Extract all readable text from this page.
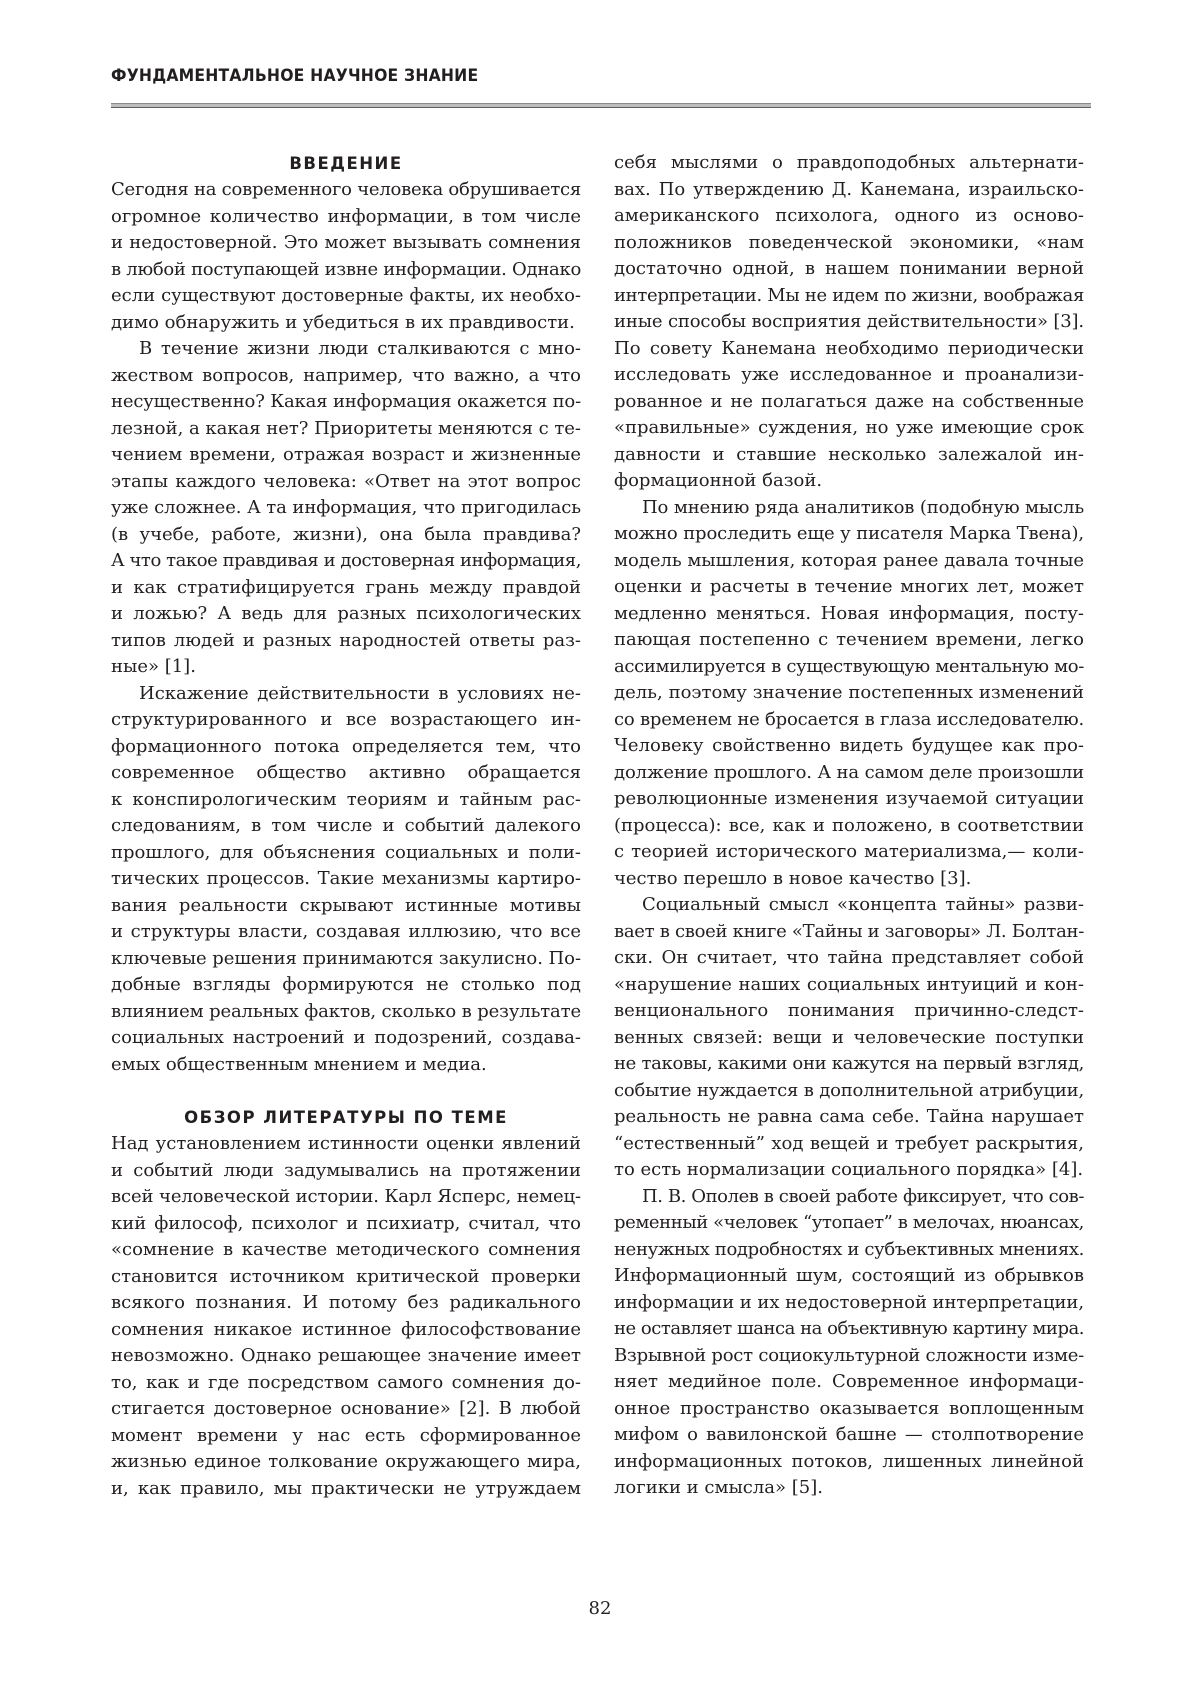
ФУНДАМЕНТАЛЬНОЕ НАУЧНОЕ ЗНАНИЕ
ВВЕДЕНИЕ
Сегодня на современного человека обрушивается
огромное количество информации, в том числе
и недостоверной. Это может вызывать сомнения
в любой поступающей извне информации. Однако
если существуют достоверные факты, их необхо-
димо обнаружить и убедиться в их правдивости.
В течение жизни люди сталкиваются с мно-
жеством вопросов, например, что важно, а что
несущественно? Какая информация окажется по-
лезной, а какая нет? Приоритеты меняются с те-
чением времени, отражая возраст и жизненные
этапы каждого человека: «Ответ на этот вопрос
уже сложнее. А та информация, что пригодилась
(в учебе, работе, жизни), она была правдива?
А что такое правдивая и достоверная информация,
и как стратифицируется грань между правдой
и ложью? А ведь для разных психологических
типов людей и разных народностей ответы раз-
ные» [1].
Искажение действительности в условиях не-
структурированного и все возрастающего ин-
формационного потока определяется тем, что
современное общество активно обращается
к конспирологическим теориям и тайным рас-
следованиям, в том числе и событий далекого
прошлого, для объяснения социальных и поли-
тических процессов. Такие механизмы картиро-
вания реальности скрывают истинные мотивы
и структуры власти, создавая иллюзию, что все
ключевые решения принимаются закулисно. По-
добные взгляды формируются не столько под
влиянием реальных фактов, сколько в результате
социальных настроений и подозрений, создава-
емых общественным мнением и медиа.
ОБЗОР ЛИТЕРАТУРЫ ПО ТЕМЕ
Над установлением истинности оценки явлений
и событий люди задумывались на протяжении
всей человеческой истории. Карл Ясперс, немец-
кий философ, психолог и психиатр, считал, что
«сомнение в качестве методического сомнения
становится источником критической проверки
всякого познания. И потому без радикального
сомнения никакое истинное философствование
невозможно. Однако решающее значение имеет
то, как и где посредством самого сомнения до-
стигается достоверное основание» [2]. В любой
момент времени у нас есть сформированное
жизнью единое толкование окружающего мира,
и, как правило, мы практически не утруждаем
себя мыслями о правдоподобных альтернати-
вах. По утверждению Д. Канемана, израильско-
американского психолога, одного из осново-
положников поведенческой экономики, «нам
достаточно одной, в нашем понимании верной
интерпретации. Мы не идем по жизни, воображая
иные способы восприятия действительности» [3].
По совету Канемана необходимо периодически
исследовать уже исследованное и проанализи-
рованное и не полагаться даже на собственные
«правильные» суждения, но уже имеющие срок
давности и ставшие несколько залежалой ин-
формационной базой.
По мнению ряда аналитиков (подобную мысль
можно проследить еще у писателя Марка Твена),
модель мышления, которая ранее давала точные
оценки и расчеты в течение многих лет, может
медленно меняться. Новая информация, посту-
пающая постепенно с течением времени, легко
ассимилируется в существующую ментальную мо-
дель, поэтому значение постепенных изменений
со временем не бросается в глаза исследователю.
Человеку свойственно видеть будущее как про-
должение прошлого. А на самом деле произошли
революционные изменения изучаемой ситуации
(процесса): все, как и положено, в соответствии
с теорией исторического материализма,— коли-
чество перешло в новое качество [3].
Социальный смысл «концепта тайны» разви-
вает в своей книге «Тайны и заговоры» Л. Болтан-
ски. Он считает, что тайна представляет собой
«нарушение наших социальных интуиций и кон-
венционального понимания причинно-следст-
венных связей: вещи и человеческие поступки
не таковы, какими они кажутся на первый взгляд,
событие нуждается в дополнительной атрибуции,
реальность не равна сама себе. Тайна нарушает
“естественный” ход вещей и требует раскрытия,
то есть нормализации социального порядка» [4].
П. В. Ополев в своей работе фиксирует, что сов-
ременный «человек “утопает” в мелочах, нюансах,
ненужных подробностях и субъективных мнениях.
Информационный шум, состоящий из обрывков
информации и их недостоверной интерпретации,
не оставляет шанса на объективную картину мира.
Взрывной рост социокультурной сложности изме-
няет медийное поле. Современное информаци-
онное пространство оказывается воплощенным
мифом о вавилонской башне — столпотворение
информационных потоков, лишенных линейной
логики и смысла» [5].
82
